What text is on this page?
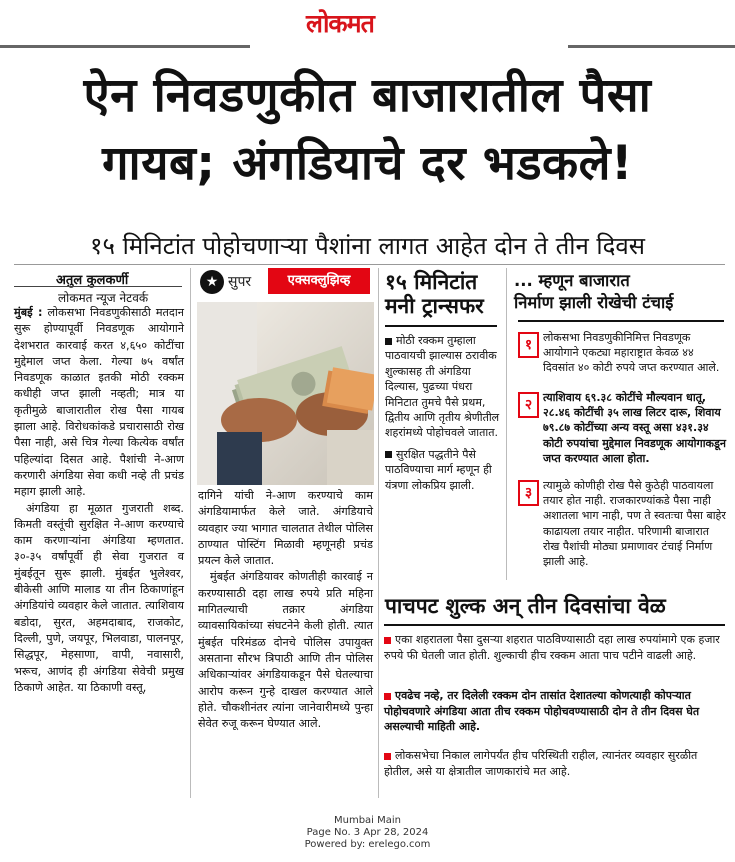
लोकमत
ऐन निवडणुकीत बाजारातील पैसा
गायब; अंगडियाचे दर भडकले!
१५ मिनिटांत पोहोचणाऱ्या पैशांना लागत आहेत दोन ते तीन दिवस
अतुल कुलकर्णी
लोकमत न्यूज नेटवर्क

मुंबई : लोकसभा निवडणुकीसाठी मतदान सुरू होण्यापूर्वी निवडणूक आयोगाने देशभरात कारवाई करत ४,६५० कोटींचा मुद्देमाल जप्त केला. गेल्या ७५ वर्षांत निवडणूक काळात इतकी मोठी रक्कम कधीही जप्त झाली नव्हती; मात्र या कृतीमुळे बाजारातील रोख पैसा गायब झाला आहे. विरोधकांकडे प्रचारासाठी रोख पैसा नाही, असे चित्र गेल्या कित्येक वर्षांत पहिल्यांदा दिसत आहे. पैशांची ने-आण करणारी अंगडिया सेवा कधी नव्हे ती प्रचंड महाग झाली आहे.

अंगडिया हा मूळात गुजराती शब्द. किमती वस्तूंची सुरक्षित ने-आण करण्याचे काम करणाऱ्यांना अंगडिया म्हणतात. ३०-३५ वर्षांपूर्वी ही सेवा गुजरात व मुंबईतून सुरू झाली. मुंबईत भुलेश्वर, बीकेसी आणि मालाड या तीन ठिकाणांहून अंगडियांचे व्यवहार केले जातात. त्याशिवाय बडोदा, सुरत, अहमदाबाद, राजकोट, दिल्ली, पुणे, जयपूर, भिलवाडा, पालनपूर, सिद्धपूर, मेहसाणा, वापी, नवासारी, भरूच, आणंद ही अंगडिया सेवेची प्रमुख ठिकाणे आहेत. या ठिकाणी वस्तू,

★ सुपर	एक्सक्लुझिव्ह

दागिने यांची ने-आण करण्याचे काम अंगडियामार्फत केले जाते. अंगडियाचे व्यवहार ज्या भागात चालतात तेथील पोलिस ठाण्यात पोस्टिंग मिळावी म्हणूनही प्रचंड प्रयत्न केले जातात.

मुंबईत अंगडियावर कोणतीही कारवाई न करण्यासाठी दहा लाख रुपये प्रति महिना मागितल्याची तक्रार अंगडिया व्यावसायिकांच्या संघटनेने केली होती. त्यात मुंबईत परिमंडळ दोनचे पोलिस उपायुक्त असताना सौरभ त्रिपाठी आणि तीन पोलिस अधिकाऱ्यांवर अंगडियाकडून पैसे घेतल्याचा आरोप करून गुन्हे दाखल करण्यात आले होते. चौकशीनंतर त्यांना जानेवारीमध्ये पुन्हा सेवेत रुजू करून घेण्यात आले.

१५ मिनिटांत
मनी ट्रान्सफर

मोठी रक्कम तुम्हाला पाठवायची झाल्यास ठरावीक शुल्कासह ती अंगडिया दिल्यास, पुढच्या पंधरा मिनिटात तुमचे पैसे प्रथम, द्वितीय आणि तृतीय श्रेणीतील शहरांमध्ये पोहोचवले जातात.

सुरक्षित पद्धतीने पैसे पाठविण्याचा मार्ग म्हणून ही यंत्रणा लोकप्रिय झाली.

... म्हणून बाजारात
निर्माण झाली रोखेची टंचाई
१ लोकसभा निवडणुकीनिमित्त निवडणूक आयोगाने एकट्या महाराष्ट्रात केवळ ४४ दिवसांत ४० कोटी रुपये जप्त करण्यात आले.
२ त्याशिवाय ६९.३८ कोटींचे मौल्यवान धातू, २८.४६ कोटींची ३५ लाख लिटर दारू, शिवाय ७९.८७ कोटींच्या अन्य वस्तू असा ४३१.३४ कोटी रुपयांचा मुद्देमाल निवडणूक आयोगाकडून जप्त करण्यात आला होता.
३ त्यामुळे कोणीही रोख पैसे कुठेही पाठवायला तयार होत नाही. राजकारण्यांकडे पैसा नाही अशातला भाग नाही, पण ते स्वतःचा पैसा बाहेर काढायला तयार नाहीत. परिणामी बाजारात रोख पैशांची मोठ्या प्रमाणावर टंचाई निर्माण झाली आहे.
पाचपट शुल्क अन् तीन दिवसांचा वेळ
एका शहरातला पैसा दुसऱ्या शहरात पाठविण्यासाठी दहा लाख रुपयांमागे एक हजार रुपये फी घेतली जात होती. शुल्काची हीच रक्कम आता पाच पटीने वाढली आहे.
एवढेच नव्हे, तर दिलेली रक्कम दोन तासांत देशातल्या कोणत्याही कोपऱ्यात पोहोचवणारे अंगडिया आता तीच रक्कम पोहोचवण्यासाठी दोन ते तीन दिवस घेत असल्याची माहिती आहे.
लोकसभेचा निकाल लागेपर्यंत हीच परिस्थिती राहील, त्यानंतर व्यवहार सुरळीत होतील, असे या क्षेत्रातील जाणकारांचे मत आहे.
Mumbai Main
Page No. 3 Apr 28, 2024
Powered by: erelego.com
